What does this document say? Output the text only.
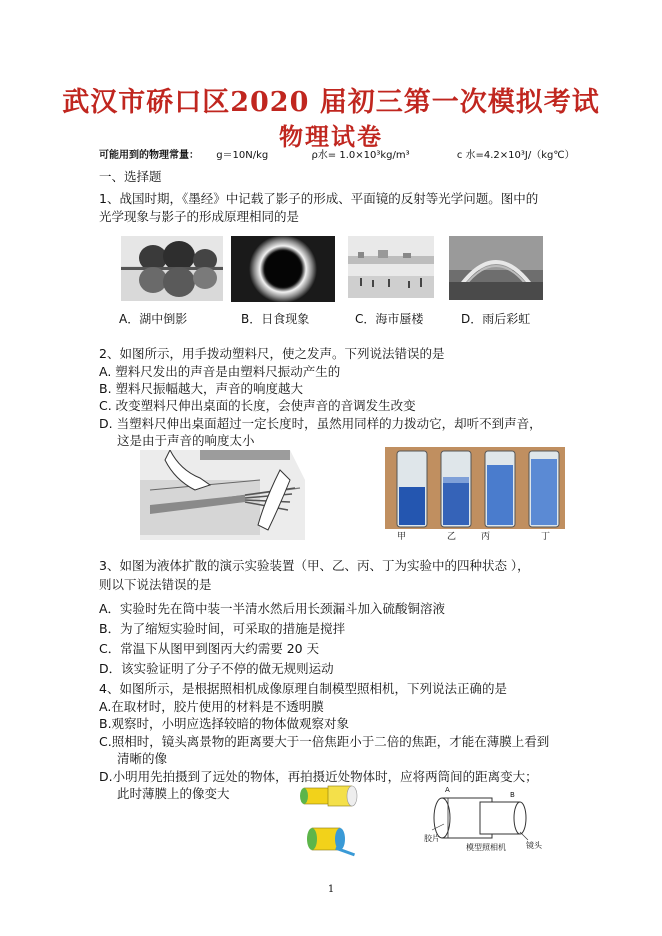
武汉市硚口区2020 届初三第一次模拟考试
物理试卷
可能用到的物理常量： g＝10N/kg	ρ水= 1.0×10³kg/m³	c 水=4.2×10³J/（kg℃）
一、选择题
1、战国时期，《墨经》中记载了影子的形成、平面镜的反射等光学问题。图中的
光学现象与影子的形成原理相同的是
A．湖中倒影	B．日食现象	C．海市蜃楼	D．雨后彩虹
2、如图所示，用手拨动塑料尺，使之发声。下列说法错误的是
A. 塑料尺发出的声音是由塑料尺振动产生的
B. 塑料尺振幅越大，声音的响度越大
C. 改变塑料尺伸出桌面的长度，会使声音的音调发生改变
D. 当塑料尺伸出桌面超过一定长度时，虽然用同样的力拨动它，却听不到声音，
这是由于声音的响度太小
甲	乙	丙	丁
3、如图为液体扩散的演示实验装置（甲、乙、丙、丁为实验中的四种状态 ），
则以下说法错误的是
A．实验时先在筒中装一半清水然后用长颈漏斗加入硫酸铜溶液
B．为了缩短实验时间，可采取的措施是搅拌
C．常温下从图甲到图丙大约需要 20 天
D．该实验证明了分子不停的做无规则运动
4、如图所示，是根据照相机成像原理自制模型照相机，下列说法正确的是
A.在取材时，胶片使用的材料是不透明膜
B.观察时，小明应选择较暗的物体做观察对象
C.照相时，镜头离景物的距离要大于一倍焦距小于二倍的焦距，才能在薄膜上看到
清晰的像
D.小明用先拍摄到了远处的物体，再拍摄近处物体时，应将两筒间的距离变大；
此时薄膜上的像变大	A
B
胶片
镜头
模型照相机
1
